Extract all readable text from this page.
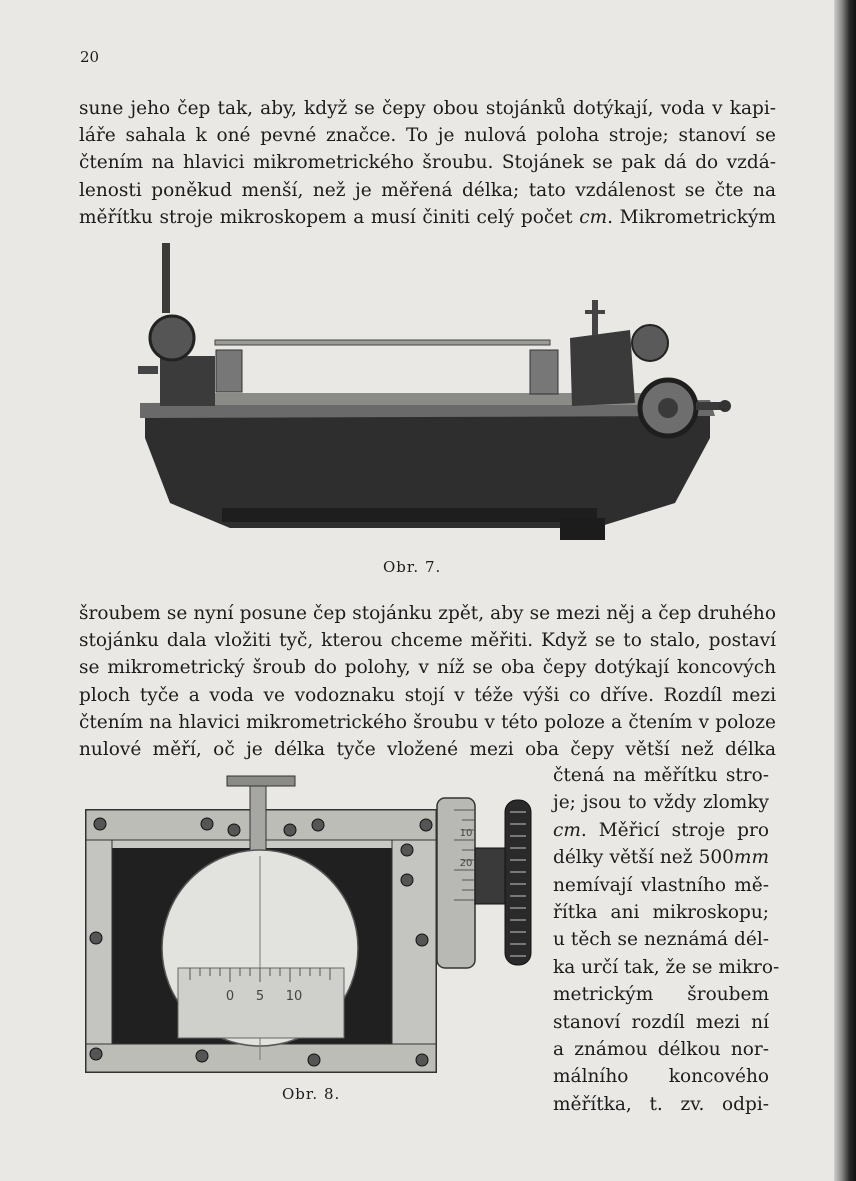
20
sune jeho čep tak, aby, když se čepy obou stojánků dotýkají, voda v kapi-
láře sahala k oné pevné značce. To je nulová poloha stroje; stanoví se
čtením na hlavici mikrometrického šroubu. Stojánek se pak dá do vzdá-
lenosti poněkud menší, než je měřená délka; tato vzdálenost se čte na
měřítku stroje mikroskopem a musí činiti celý počet cm. Mikrometrickým
Obr. 7.
šroubem se nyní posune čep stojánku zpět, aby se mezi něj a čep druhého
stojánku dala vložiti tyč, kterou chceme měřiti. Když se to stalo, postaví
se mikrometrický šroub do polohy, v níž se oba čepy dotýkají koncových
ploch tyče a voda ve vodoznaku stojí v téže výši co dříve. Rozdíl mezi
čtením na hlavici mikrometrického šroubu v této poloze a čtením v poloze
nulové měří, oč je délka tyče vložené mezi oba čepy větší než délka
0 5 10
10
20
Obr. 8.
čtená na měřítku stro-
je; jsou to vždy zlomky
cm. Měřicí stroje pro
délky větší než 500mm
nemívají vlastního mě-
řítka ani mikroskopu;
u těch se neznámá dél-
ka určí tak, že se mikro-
metrickým šroubem
stanoví rozdíl mezi ní
a známou délkou nor-
málního koncového
měřítka, t. zv. odpi-
